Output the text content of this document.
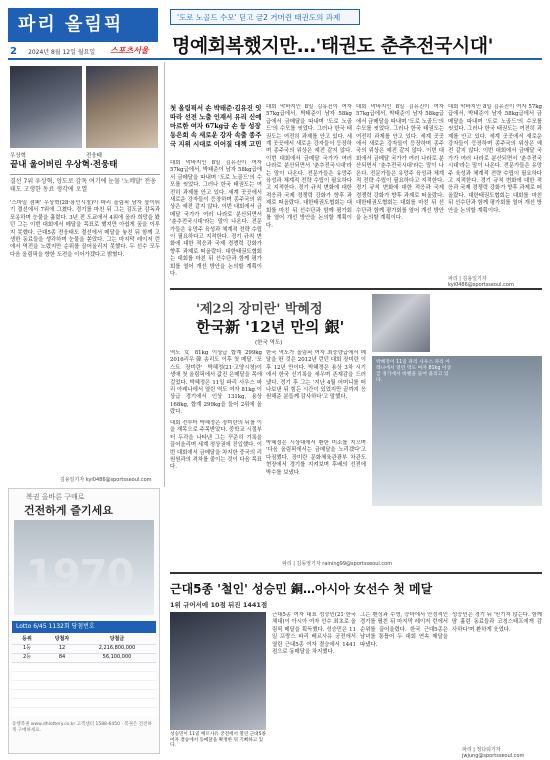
파리 올림픽
2 2024년 8월 12일 월요일 스포츠서울
'도로 노골드 수모' 딛고 금2 거머쥔 태권도의 과제
명예회복했지만…'태권도 춘추전국시대'
우상혁	전웅태
끝내 울어버린 우상혁·전웅태
결선 7위 우상혁, 엉도로 감독 여기에 눈물 '노메달' 전웅태도 고생한 동료 생각에 오열

'스마일 점퍼' 우상혁(28·용인시청)이 파리 올림픽 남자 높이뛰기 결선에서 7위에 그쳤다. 경기를 마친 뒤 그는 김도균 감독과 포옹하며 눈물을 흘렸다. 3년 전 도쿄에서 4위에 올라 희망을 봤던 그는 이번 대회에서 메달을 목표로 했지만 아쉽게 꿈을 이루지 못했다. 근대5종 전웅태도 결선에서 메달을 놓친 뒤 함께 고생한 동료들을 생각하며 눈물을 쏟았다. 그는 마지막 레이저 런에서 역전을 노렸지만 순위를 끌어올리지 못했다. 두 선수 모두 다음 올림픽을 향한 도전을 이어가겠다고 밝혔다.

김용일기자 kyi0486@sportsseoul.com
첫 올림픽서 손 박태준·김유진 잇따라 선전 노출 인재서 유리 신예 마르한 여자 67kg급 손 등 성장 동은희 속 새로운 강자 속출 종주국 지위 시대로 이어질 대책 고민

대회 막바지인 8일 김유진이 여자 57kg급에서, 박태준이 남자 58kg급에서 금메달을 따내며 '도로 노골드'의 수모를 씻었다. 그러나 한국 태권도는 여전히 과제를 안고 있다. 세계 곳곳에서 새로운 강자들이 등장하며 종주국의 위상은 예전 같지 않다. 이번 대회에서 금메달 국가가 여러 나라로 분산되면서 '춘추전국시대'라는 말이 나온다. 전문가들은 유망주 육성과 체계적 전략 수립이 필요하다고 지적한다. 경기 규칙 변화에 대한 적응과 국제 경쟁력 강화가 향후 과제로 떠올랐다. 대한태권도협회는 대회를 마친 뒤 선수단과 함께 평가회를 열어 개선 방안을 논의할 계획이다.

대회 막바지인 8일 김유진이 여자 57kg급에서, 박태준이 남자 58kg급에서 금메달을 따내며 '도로 노골드'의 수모를 씻었다. 그러나 한국 태권도는 여전히 과제를 안고 있다. 세계 곳곳에서 새로운 강자들이 등장하며 종주국의 위상은 예전 같지 않다. 이번 대회에서 금메달 국가가 여러 나라로 분산되면서 '춘추전국시대'라는 말이 나온다. 전문가들은 유망주 육성과 체계적 전략 수립이 필요하다고 지적한다. 경기 규칙 변화에 대한 적응과 국제 경쟁력 강화가 향후 과제로 떠올랐다. 대한태권도협회는 대회를 마친 뒤 선수단과 함께 평가회를 열어 개선 방안을 논의할 계획이다.

대회 막바지인 8일 김유진이 여자 57kg급에서, 박태준이 남자 58kg급에서 금메달을 따내며 '도로 노골드'의 수모를 씻었다. 그러나 한국 태권도는 여전히 과제를 안고 있다. 세계 곳곳에서 새로운 강자들이 등장하며 종주국의 위상은 예전 같지 않다. 이번 대회에서 금메달 국가가 여러 나라로 분산되면서 '춘추전국시대'라는 말이 나온다. 전문가들은 유망주 육성과 체계적 전략 수립이 필요하다고 지적한다. 경기 규칙 변화에 대한 적응과 국제 경쟁력 강화가 향후 과제로 떠올랐다. 대한태권도협회는 대회를 마친 뒤 선수단과 함께 평가회를 열어 개선 방안을 논의할 계획이다.

대회 막바지인 8일 김유진이 여자 57kg급에서, 박태준이 남자 58kg급에서 금메달을 따내며 '도로 노골드'의 수모를 씻었다. 그러나 한국 태권도는 여전히 과제를 안고 있다. 세계 곳곳에서 새로운 강자들이 등장하며 종주국의 위상은 예전 같지 않다. 이번 대회에서 금메달 국가가 여러 나라로 분산되면서 '춘추전국시대'라는 말이 나온다. 전문가들은 유망주 육성과 체계적 전략 수립이 필요하다고 지적한다. 경기 규칙 변화에 대한 적응과 국제 경쟁력 강화가 향후 과제로 떠올랐다. 대한태권도협회는 대회를 마친 뒤 선수단과 함께 평가회를 열어 개선 방안을 논의할 계획이다.

파리 | 김용일기자 kyi0486@sportsseoul.com
'제2의 장미란' 박혜정
한국新 '12년 만의 銀'
(한국 역도)
박혜정이 11일 파리 사우스 파리 아레나에서 열린 역도 여자 81kg 이상급 경기에서 바벨을 들어 올리고 있다.

역도 女 81kg 이상급 합계 299kg 2016리우 韓 송리도 이후 첫 메달. '포스트 장미란' 박혜정(21·고양시청)이 생애 첫 올림픽에서 값진 은메달을 목에 걸었다. 박혜정은 11일 파리 사우스 파리 아레나에서 열린 역도 여자 81kg 이상급 경기에서 인상 131kg, 용상 168kg, 합계 299kg을 들어 2위에 올랐다.

한국 역도가 올림픽 여자 최중량급에서 메달을 딴 것은 2012년 런던 대회 장미란 이후 12년 만이다. 박혜정은 용상 3차 시기에서 한국 신기록을 세우며 존재감을 드러냈다. 경기 후 그는 '지난 4월 어머니를 떠나보낸 뒤 힘든 시간이 있었지만 끝까지 응원해준 분들께 감사하다'고 말했다.

대회 전부터 박혜정은 장미란의 뒤를 이을 재목으로 주목받았다. 중학교 시절부터 두각을 나타낸 그는 꾸준히 기록을 끌어올리며 세계 정상권에 진입했다. 이번 대회에서 금메달을 차지한 중국의 리원원과의 격차를 줄이는 것이 다음 목표다.

박혜정은 시상대에서 환한 미소를 지으며 '다음 올림픽에서는 금메달을 노리겠다'고 다짐했다. 장미란 문화체육관광부 차관도 현장에서 경기를 지켜보며 후배의 선전에 박수를 보냈다.

파리 | 김동영기자 raining99@sportsseoul.com
근대5종 '철인' 성승민 銅…아시아 女선수 첫 메달
1위 규어서에 10점 뒤진 1441점
성승민이 11일 베르사유 궁전에서 열린 근대5종 여자 결승에서 동메달을 확정한 뒤 기뻐하고 있다.

근대5종 여자 대표 성승민(21·한국체대)이 아시아 여자 선수 최초로 올림픽 메달을 획득했다. 성승민은 11일 프랑스 파리 베르사유 궁전에서 열린 근대5종 여자 결승에서 1441점으로 동메달을 차지했다.

그는 펜싱과 수영, 승마에서 안정적인 경기를 펼친 뒤 마지막 레이저 런에서 순위를 끌어올렸다. 한국 근대5종은 남녀를 통틀어 두 대회 연속 메달을 따냈다.

성승민은 경기 뒤 '믿기지 않는다. 함께 땀 흘린 동료들과 코칭스태프에게 감사하다'며 환하게 웃었다.

파리 | 정다워기자 jwjung@sportsseoul.com
복권 올바른 구매로
건전하게 즐기세요
1970
Lotto 6/45 1132회 당첨번호
등위	당첨자	당첨금
1등	12	2,216,800,000
2등	84	56,100,000
동행복권 www.dhlottery.co.kr 고객센터 1588-6450 · 복권은 건전하게 구매하세요.
